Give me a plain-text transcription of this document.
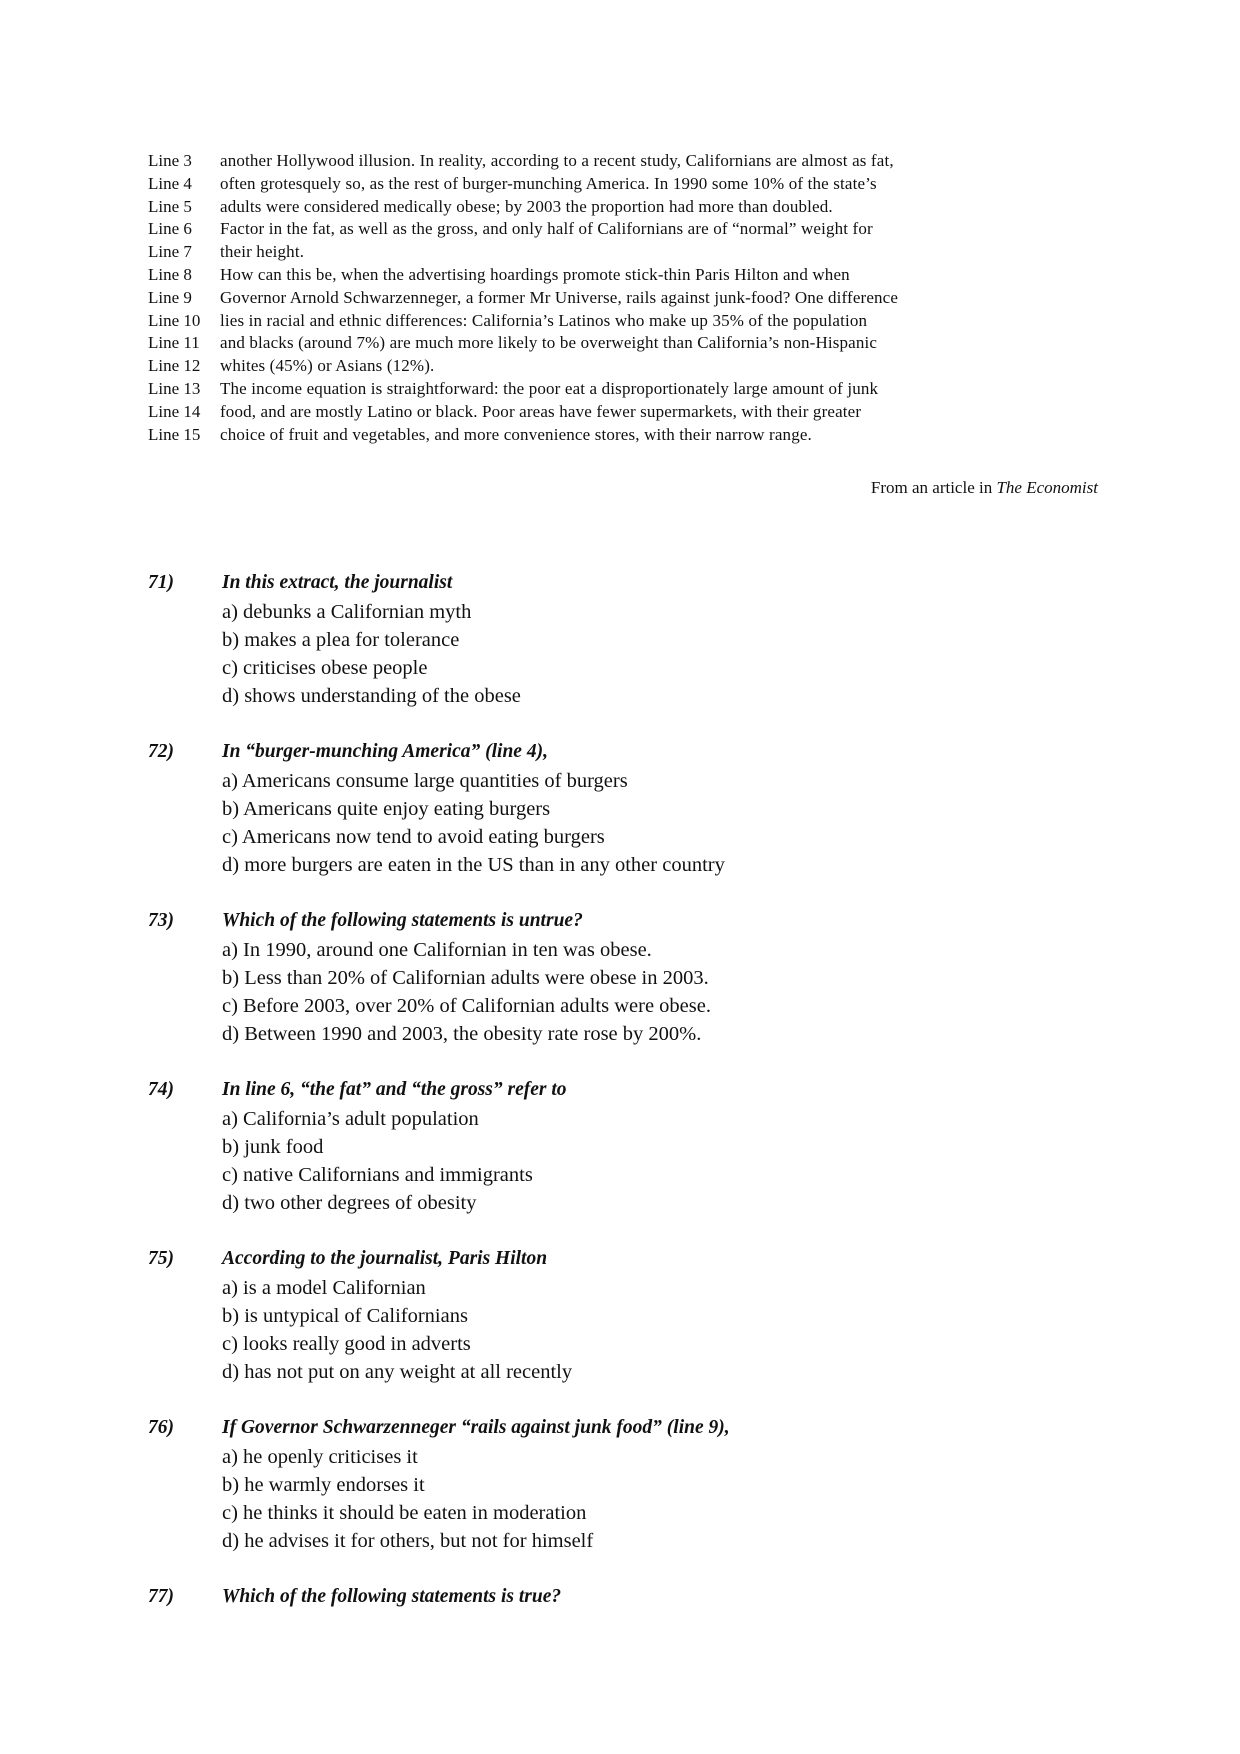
Line 3	another Hollywood illusion. In reality, according to a recent study, Californians are almost as fat,
Line 4	often grotesquely so, as the rest of burger-munching America. In 1990 some 10% of the state’s
Line 5	adults were considered medically obese; by 2003 the proportion had more than doubled.
Line 6	Factor in the fat, as well as the gross, and only half of Californians are of “normal” weight for
Line 7	their height.
Line 8	How can this be, when the advertising hoardings promote stick-thin Paris Hilton and when
Line 9	Governor Arnold Schwarzenneger, a former Mr Universe, rails against junk-food? One difference
Line 10	lies in racial and ethnic differences: California’s Latinos who make up 35% of the population
Line 11	and blacks (around 7%) are much more likely to be overweight than California’s non-Hispanic
Line 12	whites (45%) or Asians (12%).
Line 13	The income equation is straightforward: the poor eat a disproportionately large amount of junk
Line 14	food, and are mostly Latino or black. Poor areas have fewer supermarkets, with their greater
Line 15	choice of fruit and vegetables, and more convenience stores, with their narrow range.
From an article in The Economist
71)	In this extract, the journalist
a) debunks a Californian myth
b) makes a plea for tolerance
c) criticises obese people
d) shows understanding of the obese
72)	In “burger-munching America” (line 4),
a) Americans consume large quantities of burgers
b) Americans quite enjoy eating burgers
c) Americans now tend to avoid eating burgers
d) more burgers are eaten in the US than in any other country
73)	Which of the following statements is untrue?
a) In 1990, around one Californian in ten was obese.
b) Less than 20% of Californian adults were obese in 2003.
c) Before 2003, over 20% of Californian adults were obese.
d) Between 1990 and 2003, the obesity rate rose by 200%.
74)	In line 6, “the fat” and “the gross” refer to
a) California’s adult population
b) junk food
c) native Californians and immigrants
d) two other degrees of obesity
75)	According to the journalist, Paris Hilton
a) is a model Californian
b) is untypical of Californians
c) looks really good in adverts
d) has not put on any weight at all recently
76)	If Governor Schwarzenneger “rails against junk food” (line 9),
a) he openly criticises it
b) he warmly endorses it
c) he thinks it should be eaten in moderation
d) he advises it for others, but not for himself
77)	Which of the following statements is true?
